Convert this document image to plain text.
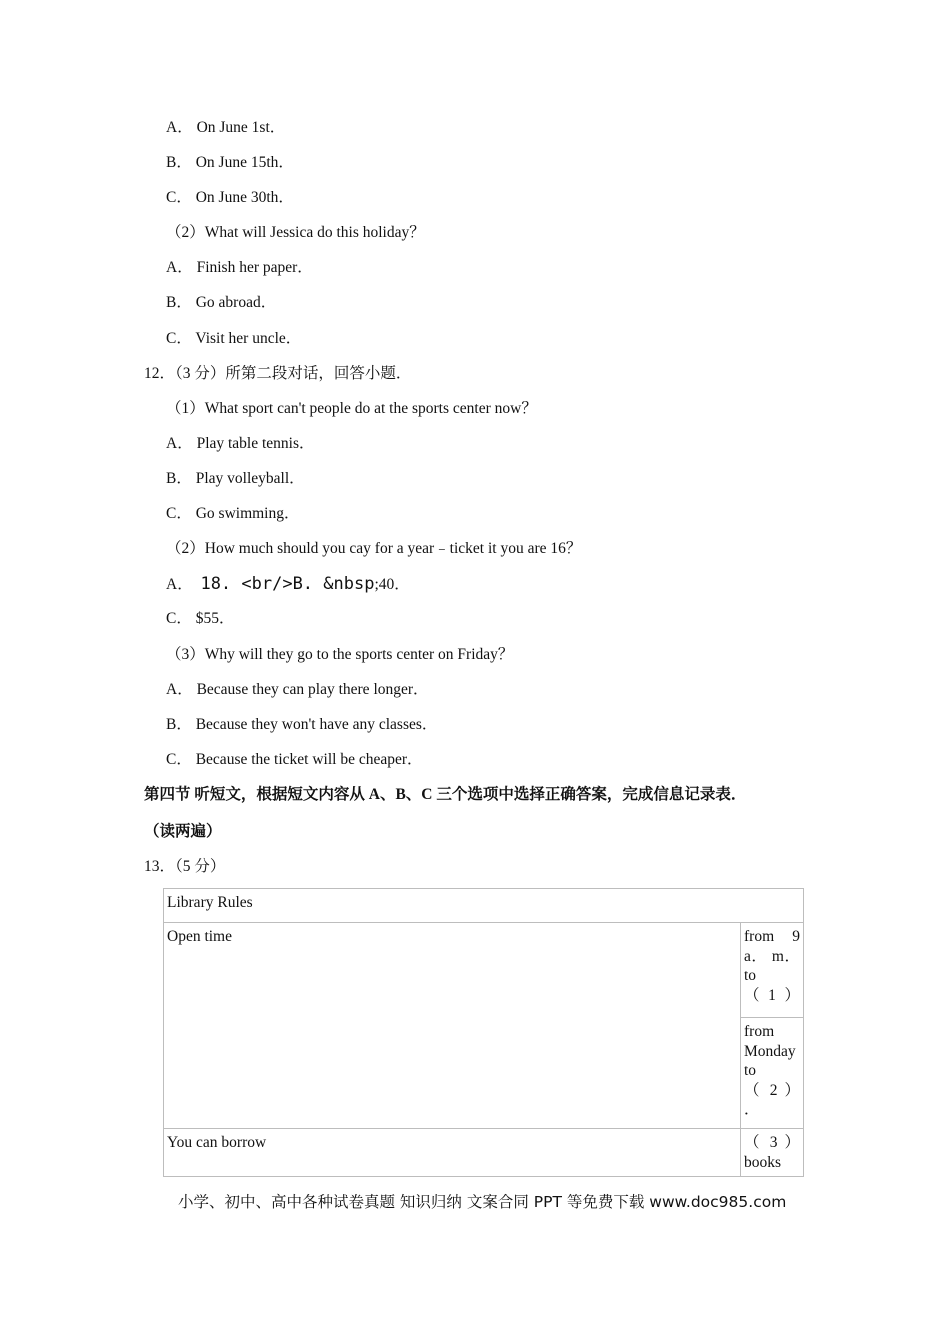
A． On June 1st．
B． On June 15th．
C． On June 30th．
（2）What will Jessica do this holiday？
A． Finish her paper．
B． Go abroad．
C． Visit her uncle．
12．（3 分）所第二段对话，回答小题．
（1）What sport can't people do at the sports center now？
A． Play table tennis．
B． Play volleyball．
C． Go swimming．
（2）How much should you cay for a year﹣ticket it you are 16？
A． 18. <br/>B. &nbsp;40．
C． $55．
（3）Why will they go to the sports center on Friday？
A． Because they can play there longer．
B． Because they won't have any classes．
C． Because the ticket will be cheaper．
第四节 听短文，根据短文内容从 A、B、C 三个选项中选择正确答案，完成信息记录表．
（读两遍）
13．（5 分）
Library Rules	
Open time	from 9
a． m．
to
（1）

	from
Monday
to
（ 2 ）
．

You can borrow	（ 3 ）
books
小学、初中、高中各种试卷真题 知识归纳 文案合同 PPT 等免费下载 www.doc985.com
